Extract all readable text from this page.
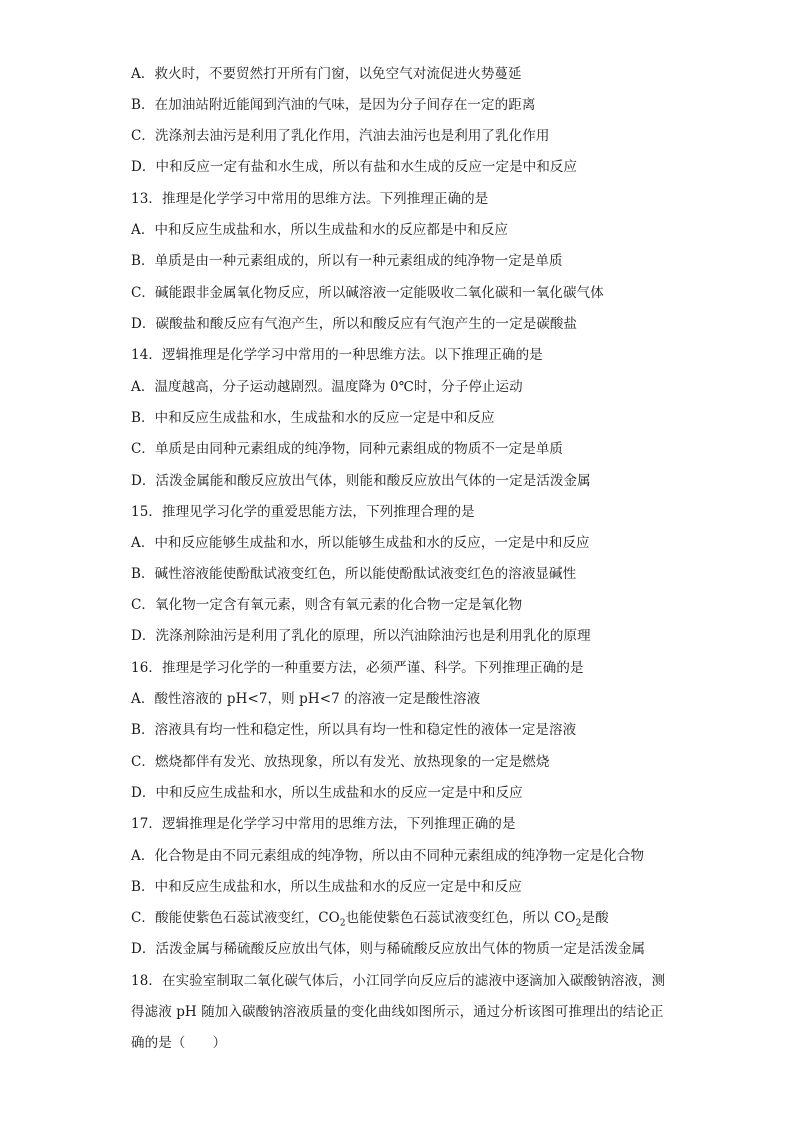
A．救火时，不要贸然打开所有门窗，以免空气对流促进火势蔓延
B．在加油站附近能闻到汽油的气味，是因为分子间存在一定的距离
C．洗涤剂去油污是利用了乳化作用，汽油去油污也是利用了乳化作用
D．中和反应一定有盐和水生成，所以有盐和水生成的反应一定是中和反应
13．推理是化学学习中常用的思维方法。下列推理正确的是
A．中和反应生成盐和水，所以生成盐和水的反应都是中和反应
B．单质是由一种元素组成的，所以有一种元素组成的纯净物一定是单质
C．碱能跟非金属氧化物反应，所以碱溶液一定能吸收二氧化碳和一氧化碳气体
D．碳酸盐和酸反应有气泡产生，所以和酸反应有气泡产生的一定是碳酸盐
14．逻辑推理是化学学习中常用的一种思维方法。以下推理正确的是
A．温度越高，分子运动越剧烈。温度降为 0℃时，分子停止运动
B．中和反应生成盐和水，生成盐和水的反应一定是中和反应
C．单质是由同种元素组成的纯净物，同种元素组成的物质不一定是单质
D．活泼金属能和酸反应放出气体，则能和酸反应放出气体的一定是活泼金属
15．推理见学习化学的重爱思能方法，下列推理合理的是
A．中和反应能够生成盐和水，所以能够生成盐和水的反应，一定是中和反应
B．碱性溶液能使酚酞试液变红色，所以能使酚酞试液变红色的溶液显碱性
C．氧化物一定含有氧元素，则含有氧元素的化合物一定是氧化物
D．洗涤剂除油污是利用了乳化的原理，所以汽油除油污也是利用乳化的原理
16．推理是学习化学的一种重要方法，必须严谨、科学。下列推理正确的是
A．酸性溶液的 pH<7，则 pH<7 的溶液一定是酸性溶液
B．溶液具有均一性和稳定性，所以具有均一性和稳定性的液体一定是溶液
C．燃烧都伴有发光、放热现象，所以有发光、放热现象的一定是燃烧
D．中和反应生成盐和水，所以生成盐和水的反应一定是中和反应
17．逻辑推理是化学学习中常用的思维方法，下列推理正确的是
A．化合物是由不同元素组成的纯净物，所以由不同种元素组成的纯净物一定是化合物
B．中和反应生成盐和水，所以生成盐和水的反应一定是中和反应
C．酸能使紫色石蕊试液变红，$CO_2$也能使紫色石蕊试液变红色，所以 $CO_2$是酸
D．活泼金属与稀硫酸反应放出气体，则与稀硫酸反应放出气体的物质一定是活泼金属
18．在实验室制取二氧化碳气体后，小江同学向反应后的滤液中逐滴加入碳酸钠溶液，测得滤液 pH 随加入碳酸钠溶液质量的变化曲线如图所示，通过分析该图可推理出的结论正确的是（　　）
